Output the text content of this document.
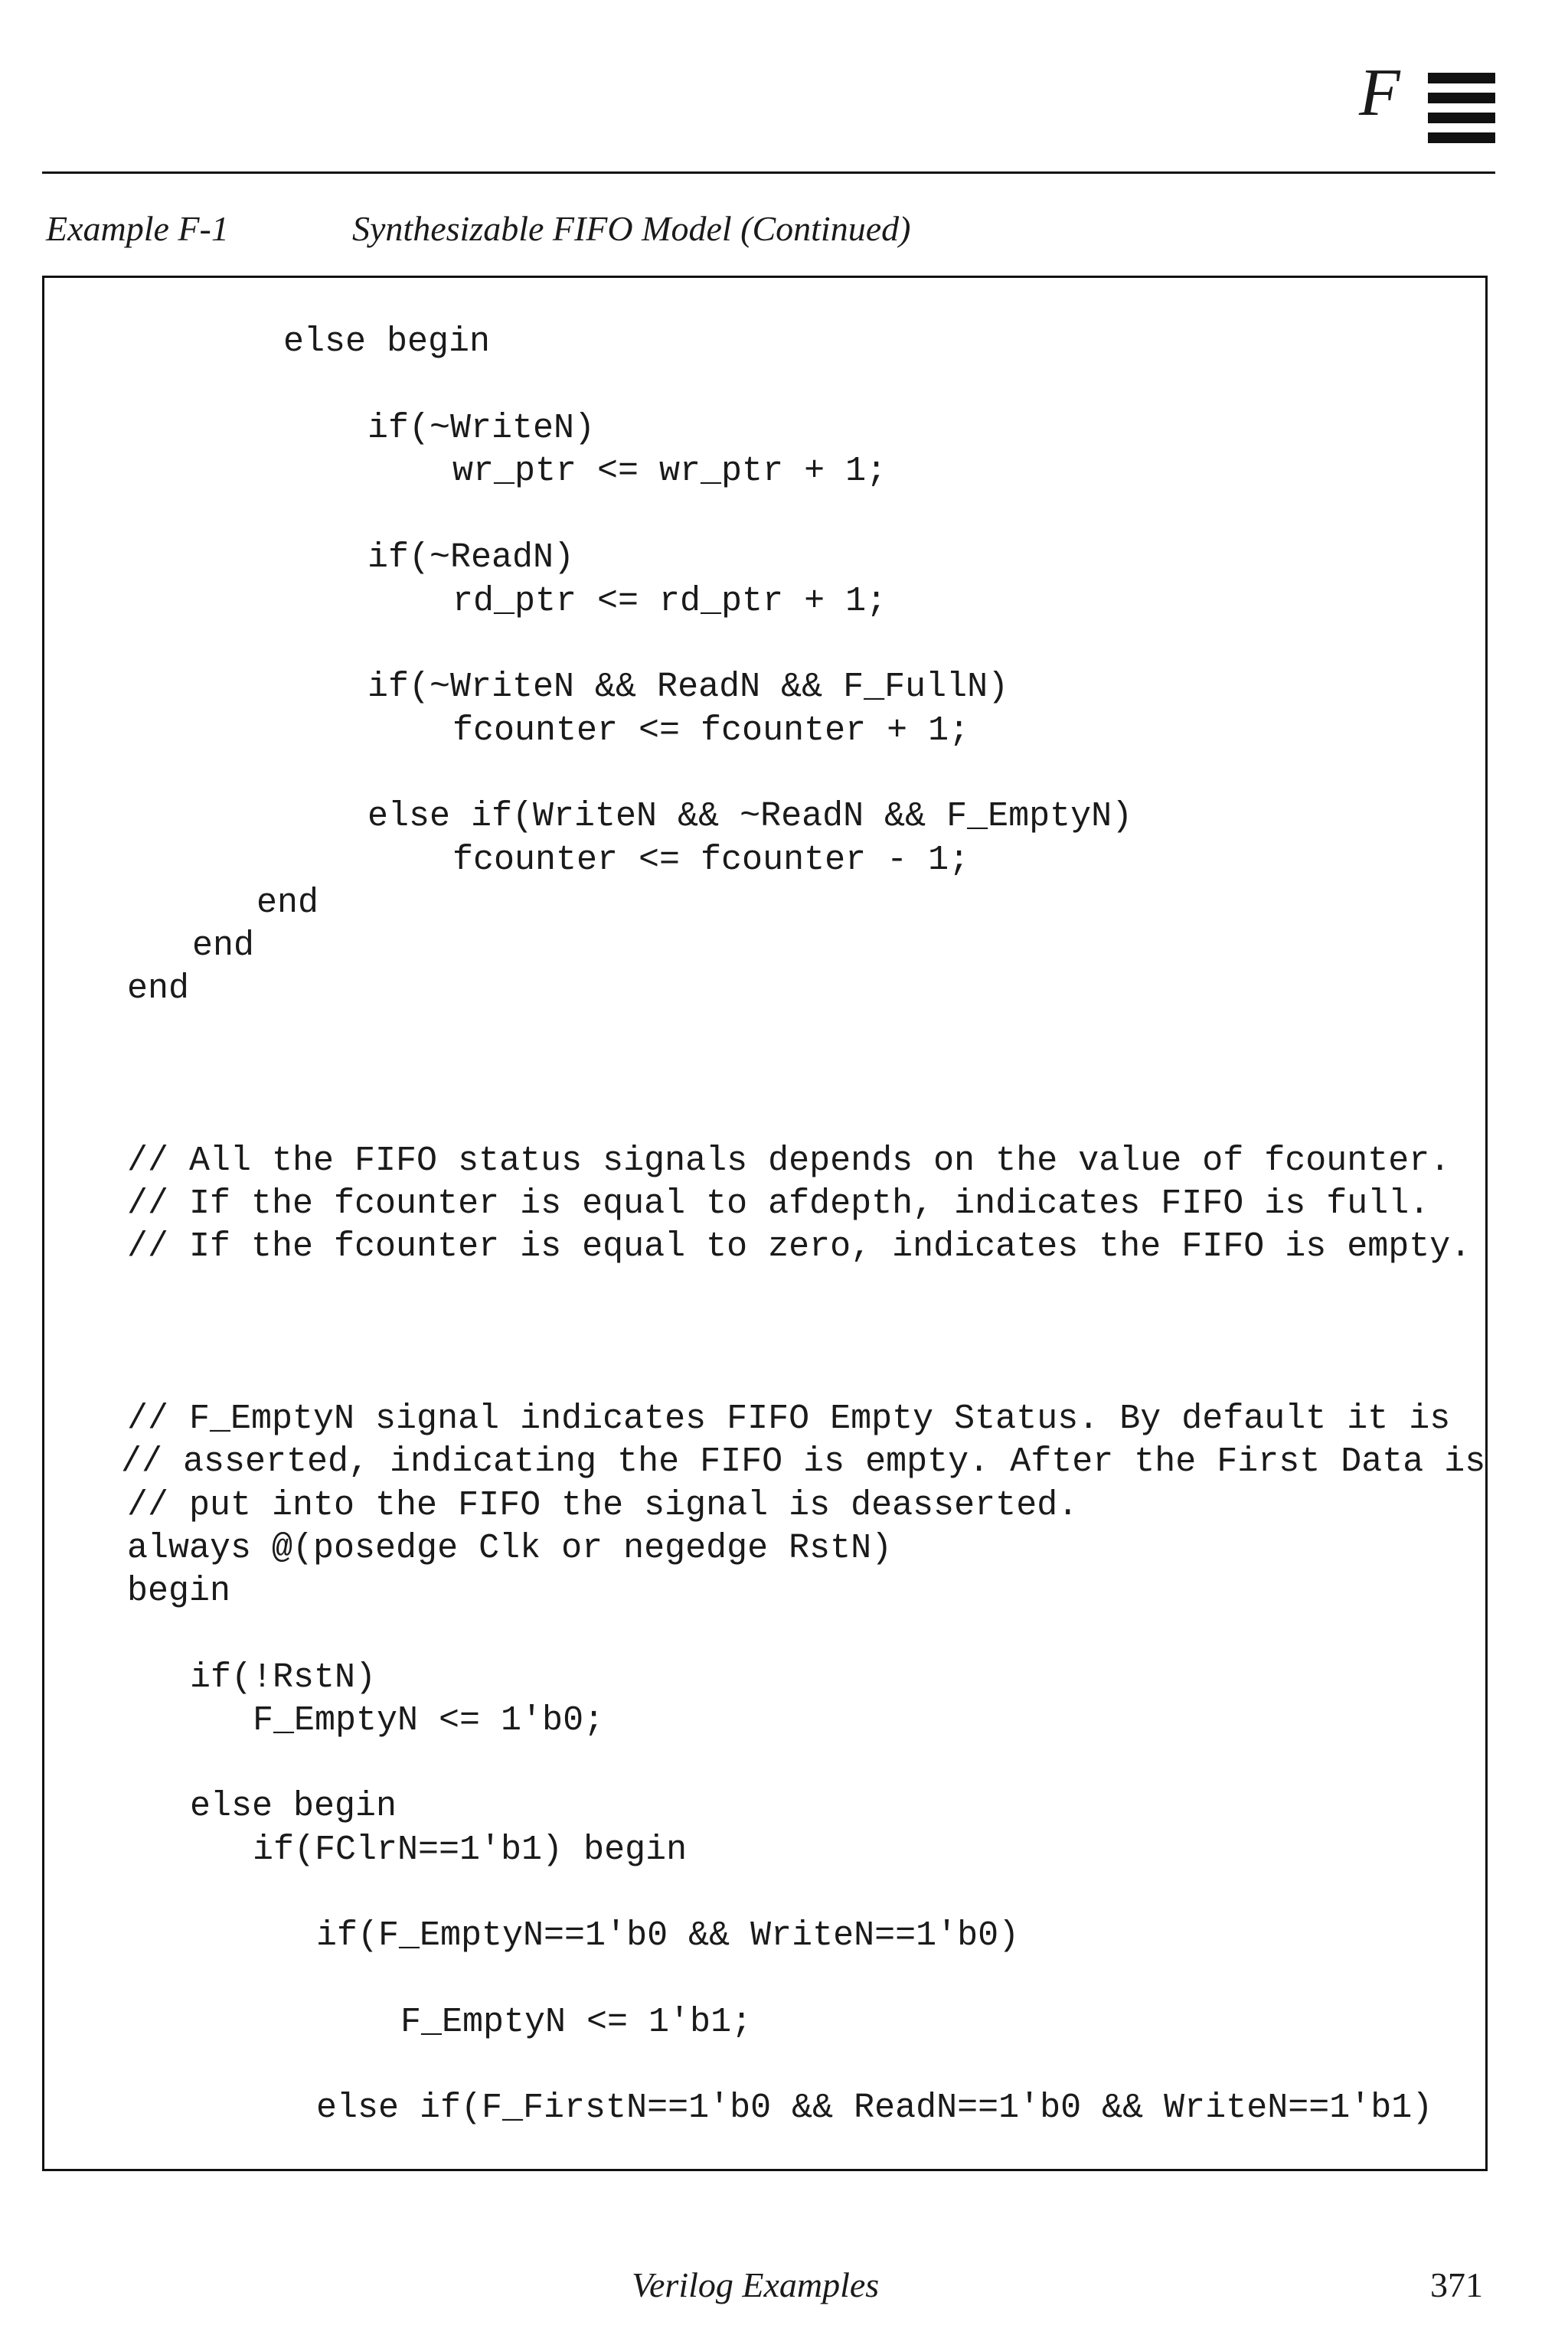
F
Example F-1	Synthesizable FIFO Model (Continued)
else begin
if(~WriteN)
wr_ptr <= wr_ptr + 1;
if(~ReadN)
rd_ptr <= rd_ptr + 1;
if(~WriteN && ReadN && F_FullN)
fcounter <= fcounter + 1;
else if(WriteN && ~ReadN && F_EmptyN)
fcounter <= fcounter - 1;
end
end
end
// All the FIFO status signals depends on the value of fcounter.
// If the fcounter is equal to afdepth, indicates FIFO is full.
// If the fcounter is equal to zero, indicates the FIFO is empty.
// F_EmptyN signal indicates FIFO Empty Status. By default it is
// asserted, indicating the FIFO is empty. After the First Data is
// put into the FIFO the signal is deasserted.
always @(posedge Clk or negedge RstN)
begin
if(!RstN)
F_EmptyN <= 1'b0;
else begin
if(FClrN==1'b1) begin
if(F_EmptyN==1'b0 && WriteN==1'b0)
F_EmptyN <= 1'b1;
else if(F_FirstN==1'b0 && ReadN==1'b0 && WriteN==1'b1)
Verilog Examples	371
